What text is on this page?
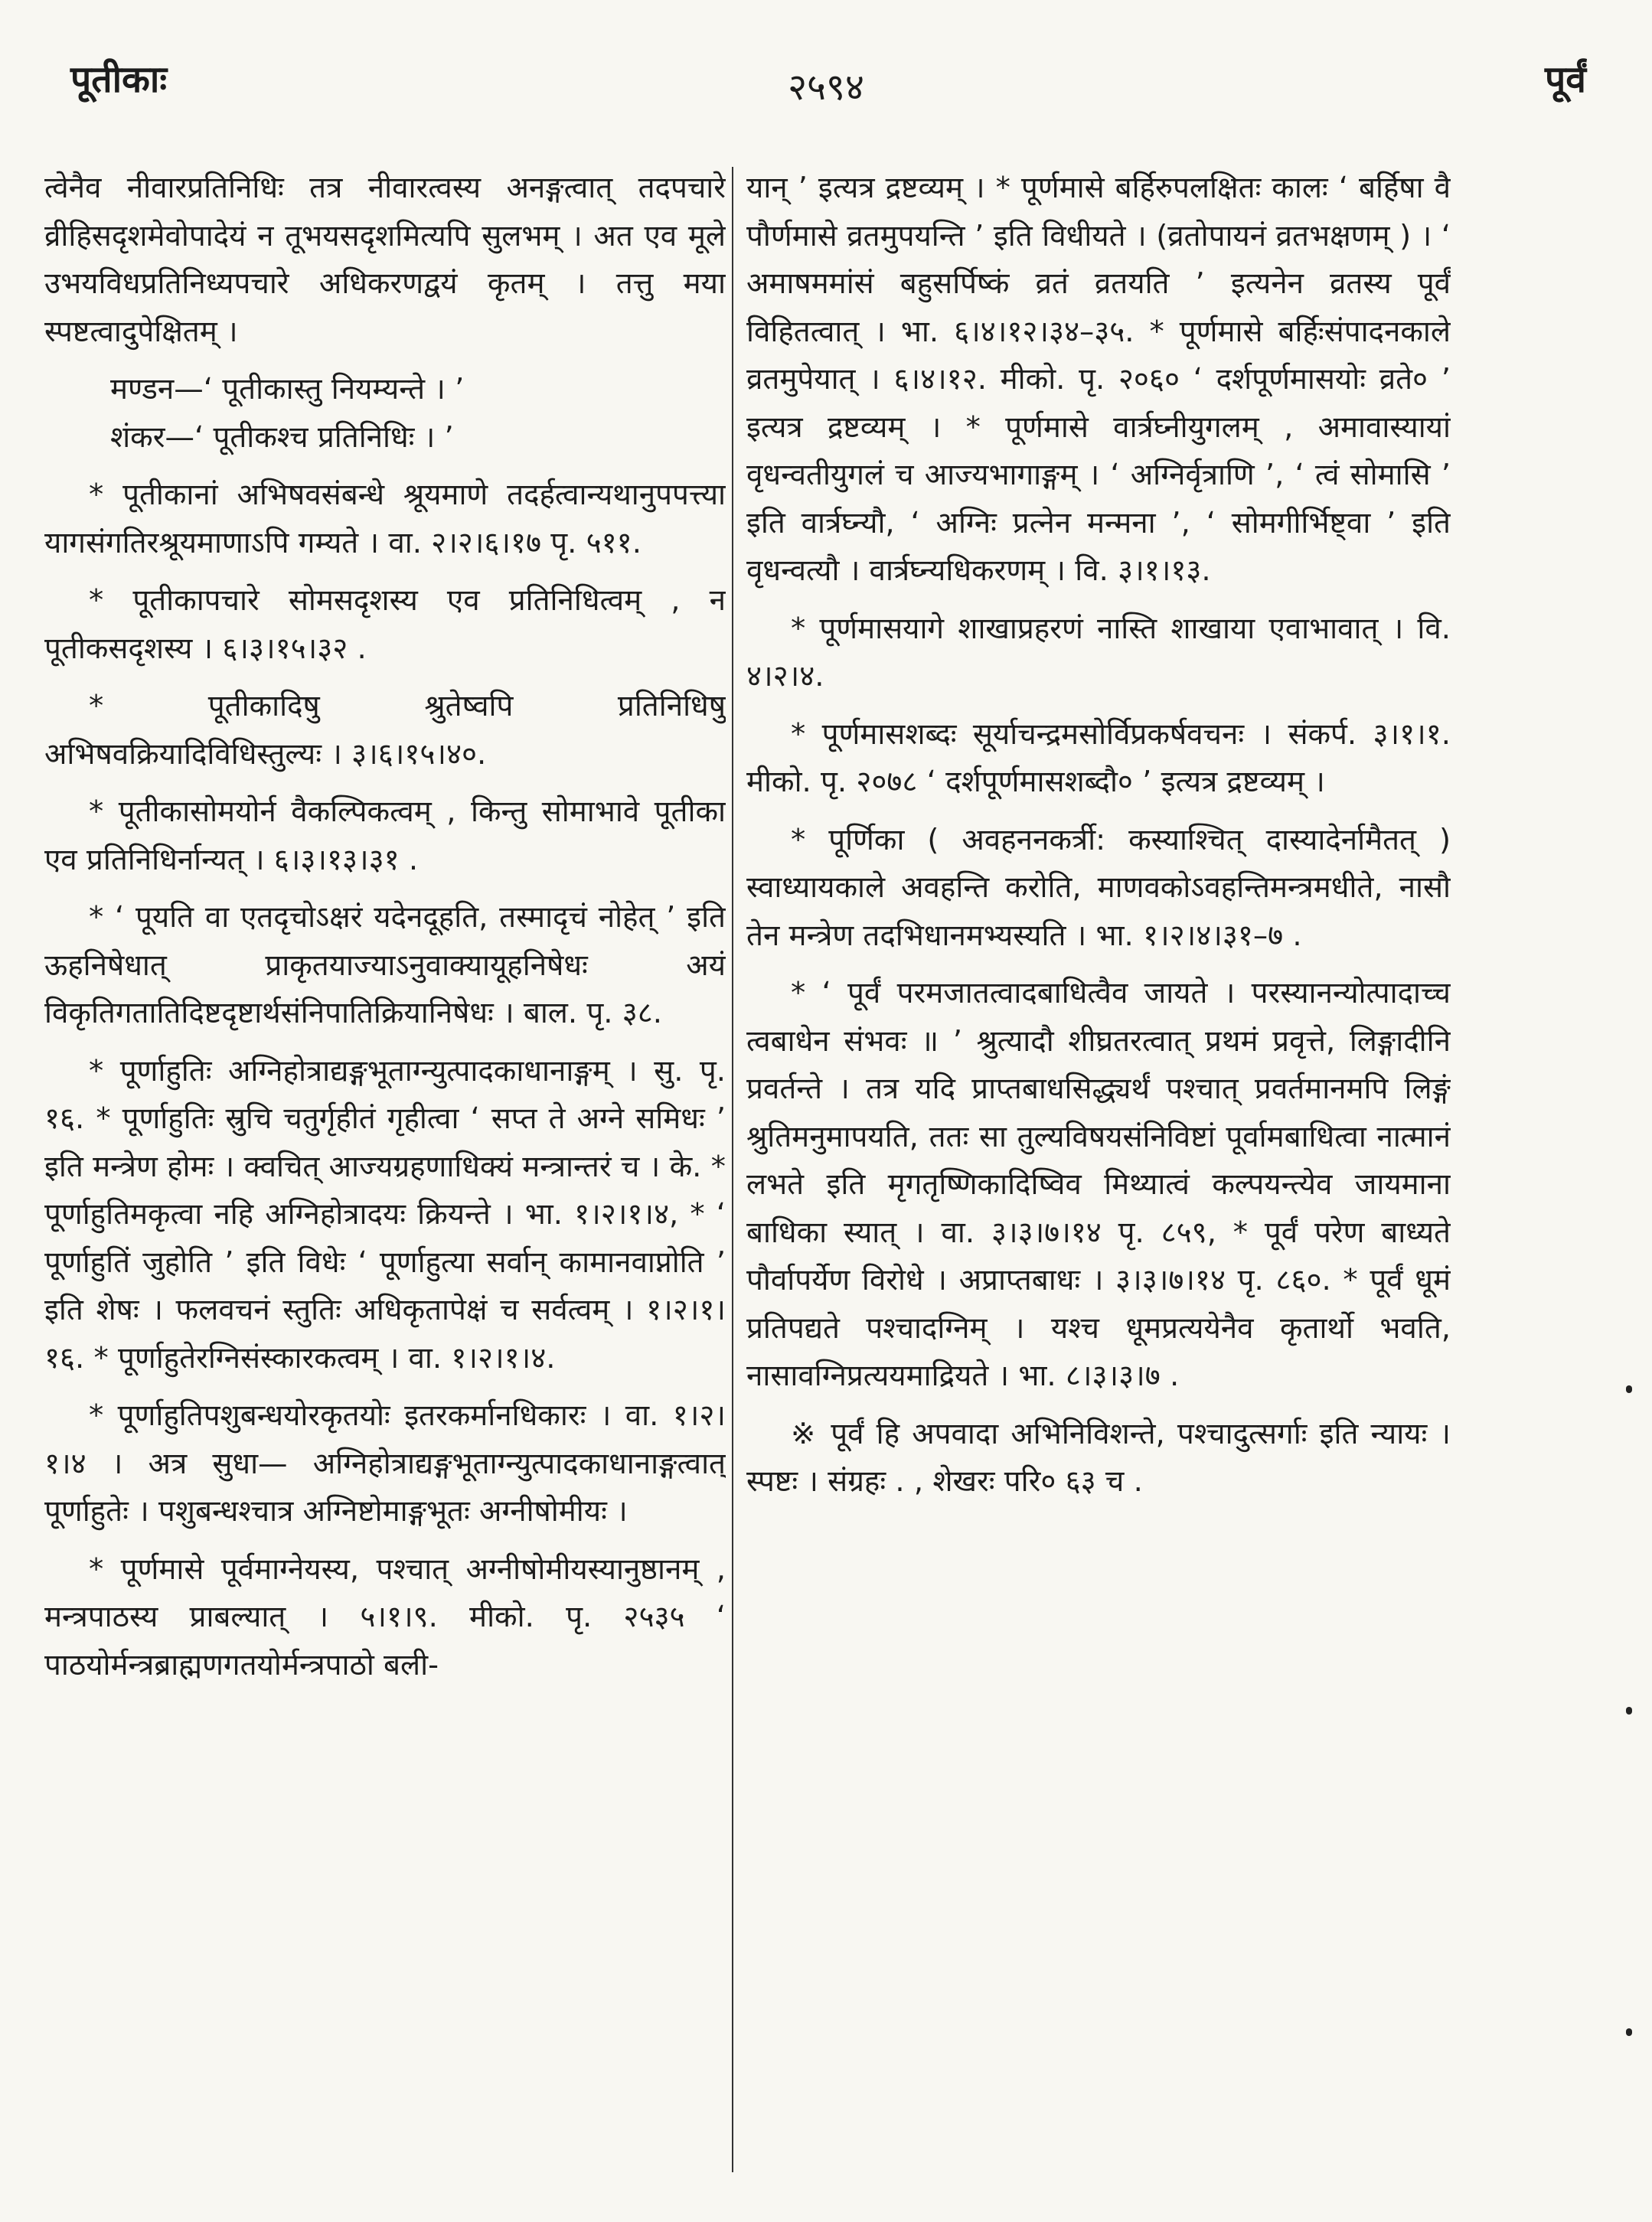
पूतीकाः	२५९४	पूर्वं

त्वेनैव नीवारप्रतिनिधिः तत्र नीवारत्वस्य अनङ्गत्वात् तदपचारे व्रीहिसदृशमेवोपादेयं न तूभयसदृशमित्यपि सुलभम् । अत एव मूले उभयविधप्रतिनिध्यपचारे अधिकरणद्वयं कृतम् । तत्तु मया स्पष्टत्वादुपेक्षितम् ।

मण्डन—‘ पूतीकास्तु नियम्यन्ते । ’

शंकर—‘ पूतीकश्च प्रतिनिधिः । ’

* पूतीकानां अभिषवसंबन्धे श्रूयमाणे तदर्हत्वान्यथानुपपत्त्या यागसंगतिरश्रूयमाणाऽपि गम्यते । वा. २।२।६।१७ पृ. ५११.

* पूतीकापचारे सोमसदृशस्य एव प्रतिनिधित्वम् , न पूतीकसदृशस्य । ६।३।१५।३२ .

* पूतीकादिषु श्रुतेष्वपि प्रतिनिधिषु अभिषवक्रियादिविधिस्तुल्यः । ३।६।१५।४०.

* पूतीकासोमयोर्न वैकल्पिकत्वम् , किन्तु सोमाभावे पूतीका एव प्रतिनिधिर्नान्यत् । ६।३।१३।३१ .

* ‘ पूयति वा एतदृचोऽक्षरं यदेनदूहति, तस्मादृचं नोहेत् ’ इति ऊहनिषेधात् प्राकृतयाज्याऽनुवाक्यायूहनिषेधः अयं विकृतिगतातिदिष्टदृष्टार्थसंनिपातिक्रियानिषेधः । बाल. पृ. ३८.

* पूर्णाहुतिः अग्निहोत्राद्यङ्गभूताग्न्युत्पादकाधानाङ्गम् । सु. पृ. १६. * पूर्णाहुतिः स्रुचि चतुर्गृहीतं गृहीत्वा ‘ सप्त ते अग्ने समिधः ’ इति मन्त्रेण होमः । क्वचित् आज्यग्रहणाधिक्यं मन्त्रान्तरं च । के. * पूर्णाहुतिमकृत्वा नहि अग्निहोत्रादयः क्रियन्ते । भा. १।२।१।४, * ‘ पूर्णाहुतिं जुहोति ’ इति विधेः ‘ पूर्णाहुत्या सर्वान् कामानवाप्नोति ’ इति शेषः । फलवचनं स्तुतिः अधिकृतापेक्षं च सर्वत्वम् । १।२।१।१६. * पूर्णाहुतेरग्निसंस्कारकत्वम् । वा. १।२।१।४.

* पूर्णाहुतिपशुबन्धयोरकृतयोः इतरकर्मानधिकारः । वा. १।२।१।४ । अत्र सुधा— अग्निहोत्राद्यङ्गभूताग्न्युत्पादकाधानाङ्गत्वात् पूर्णाहुतेः । पशुबन्धश्चात्र अग्निष्टोमाङ्गभूतः अग्नीषोमीयः ।

* पूर्णमासे पूर्वमाग्नेयस्य, पश्चात् अग्नीषोमीयस्यानुष्ठानम् , मन्त्रपाठस्य प्राबल्यात् । ५।१।९. मीको. पृ. २५३५ ‘ पाठयोर्मन्त्रब्राह्मणगतयोर्मन्त्रपाठो बली-

यान् ’ इत्यत्र द्रष्टव्यम् । * पूर्णमासे बर्हिरुपलक्षितः कालः ‘ बर्हिषा वै पौर्णमासे व्रतमुपयन्ति ’ इति विधीयते । (व्रतोपायनं व्रतभक्षणम् ) । ‘ अमाषममांसं बहुसर्पिष्कं व्रतं व्रतयति ’ इत्यनेन व्रतस्य पूर्वं विहितत्वात् । भा. ६।४।१२।३४–३५. * पूर्णमासे बर्हिःसंपादनकाले व्रतमुपेयात् । ६।४।१२. मीको. पृ. २०६० ‘ दर्शपूर्णमासयोः व्रते० ’ इत्यत्र द्रष्टव्यम् । * पूर्णमासे वार्त्रघ्नीयुगलम् , अमावास्यायां वृधन्वतीयुगलं च आज्यभागाङ्गम् । ‘ अग्निर्वृत्राणि ’, ‘ त्वं सोमासि ’ इति वार्त्रघ्न्यौ, ‘ अग्निः प्रत्नेन मन्मना ’, ‘ सोमगीर्भिष्ट्वा ’ इति वृधन्वत्यौ । वार्त्रघ्न्यधिकरणम् । वि. ३।१।१३.

* पूर्णमासयागे शाखाप्रहरणं नास्ति शाखाया एवाभावात् । वि. ४।२।४.

* पूर्णमासशब्दः सूर्याचन्द्रमसोर्विप्रकर्षवचनः । संकर्प. ३।१।१. मीको. पृ. २०७८ ‘ दर्शपूर्णमासशब्दौ० ’ इत्यत्र द्रष्टव्यम् ।

* पूर्णिका ( अवहननकर्त्री: कस्याश्चित् दास्यादेर्नामैतत् ) स्वाध्यायकाले अवहन्ति करोति, माणवकोऽवहन्तिमन्त्रमधीते, नासौ तेन मन्त्रेण तदभिधानमभ्यस्यति । भा. १।२।४।३१–७ .

* ‘ पूर्वं परमजातत्वादबाधित्वैव जायते । परस्यानन्योत्पादाच्च त्वबाधेन संभवः ॥ ’ श्रुत्यादौ शीघ्रतरत्वात् प्रथमं प्रवृत्ते, लिङ्गादीनि प्रवर्तन्ते । तत्र यदि प्राप्तबाधसिद्ध्यर्थं पश्चात् प्रवर्तमानमपि लिङ्गं श्रुतिमनुमापयति, ततः सा तुल्यविषयसंनिविष्टां पूर्वामबाधित्वा नात्मानं लभते इति मृगतृष्णिकादिष्विव मिथ्यात्वं कल्पयन्त्येव जायमाना बाधिका स्यात् । वा. ३।३।७।१४ पृ. ८५९, * पूर्वं परेण बाध्यते पौर्वापर्येण विरोधे । अप्राप्तबाधः । ३।३।७।१४ पृ. ८६०. * पूर्वं धूमं प्रतिपद्यते पश्चादग्निम् । यश्च धूमप्रत्ययेनैव कृतार्थो भवति, नासावग्निप्रत्ययमाद्रियते । भा. ८।३।३।७ .

※ पूर्वं हि अपवादा अभिनिविशन्ते, पश्चादुत्सर्गाः इति न्यायः । स्पष्टः । संग्रहः . , शेखरः परि० ६३ च .
